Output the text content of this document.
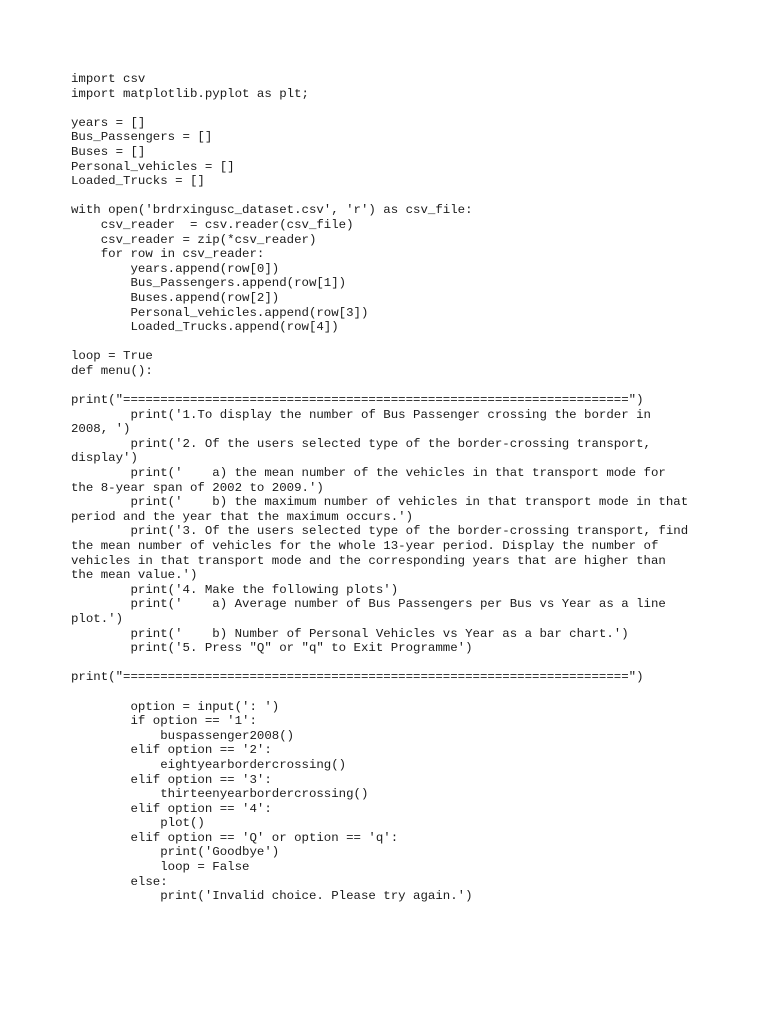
import csv
import matplotlib.pyplot as plt;
years = []
Bus_Passengers = []
Buses = []
Personal_vehicles = []
Loaded_Trucks = []
with open('brdrxingusc_dataset.csv', 'r') as csv_file:
csv_reader  = csv.reader(csv_file)
csv_reader = zip(*csv_reader)
for row in csv_reader:
years.append(row[0])
Bus_Passengers.append(row[1])
Buses.append(row[2])
Personal_vehicles.append(row[3])
Loaded_Trucks.append(row[4])
loop = True
def menu():
print("====================================================================")
print('1.To display the number of Bus Passenger crossing the border in
2008, ')
print('2. Of the users selected type of the border-crossing transport,
display')
print('    a) the mean number of the vehicles in that transport mode for
the 8-year span of 2002 to 2009.')
print('    b) the maximum number of vehicles in that transport mode in that
period and the year that the maximum occurs.')
print('3. Of the users selected type of the border-crossing transport, find
the mean number of vehicles for the whole 13-year period. Display the number of
vehicles in that transport mode and the corresponding years that are higher than
the mean value.')
print('4. Make the following plots')
print('    a) Average number of Bus Passengers per Bus vs Year as a line
plot.')
print('    b) Number of Personal Vehicles vs Year as a bar chart.')
print('5. Press "Q" or "q" to Exit Programme')
print("====================================================================")
option = input(': ')
if option == '1':
buspassenger2008()
elif option == '2':
eightyearbordercrossing()
elif option == '3':
thirteenyearbordercrossing()
elif option == '4':
plot()
elif option == 'Q' or option == 'q':
print('Goodbye')
loop = False
else:
print('Invalid choice. Please try again.')
